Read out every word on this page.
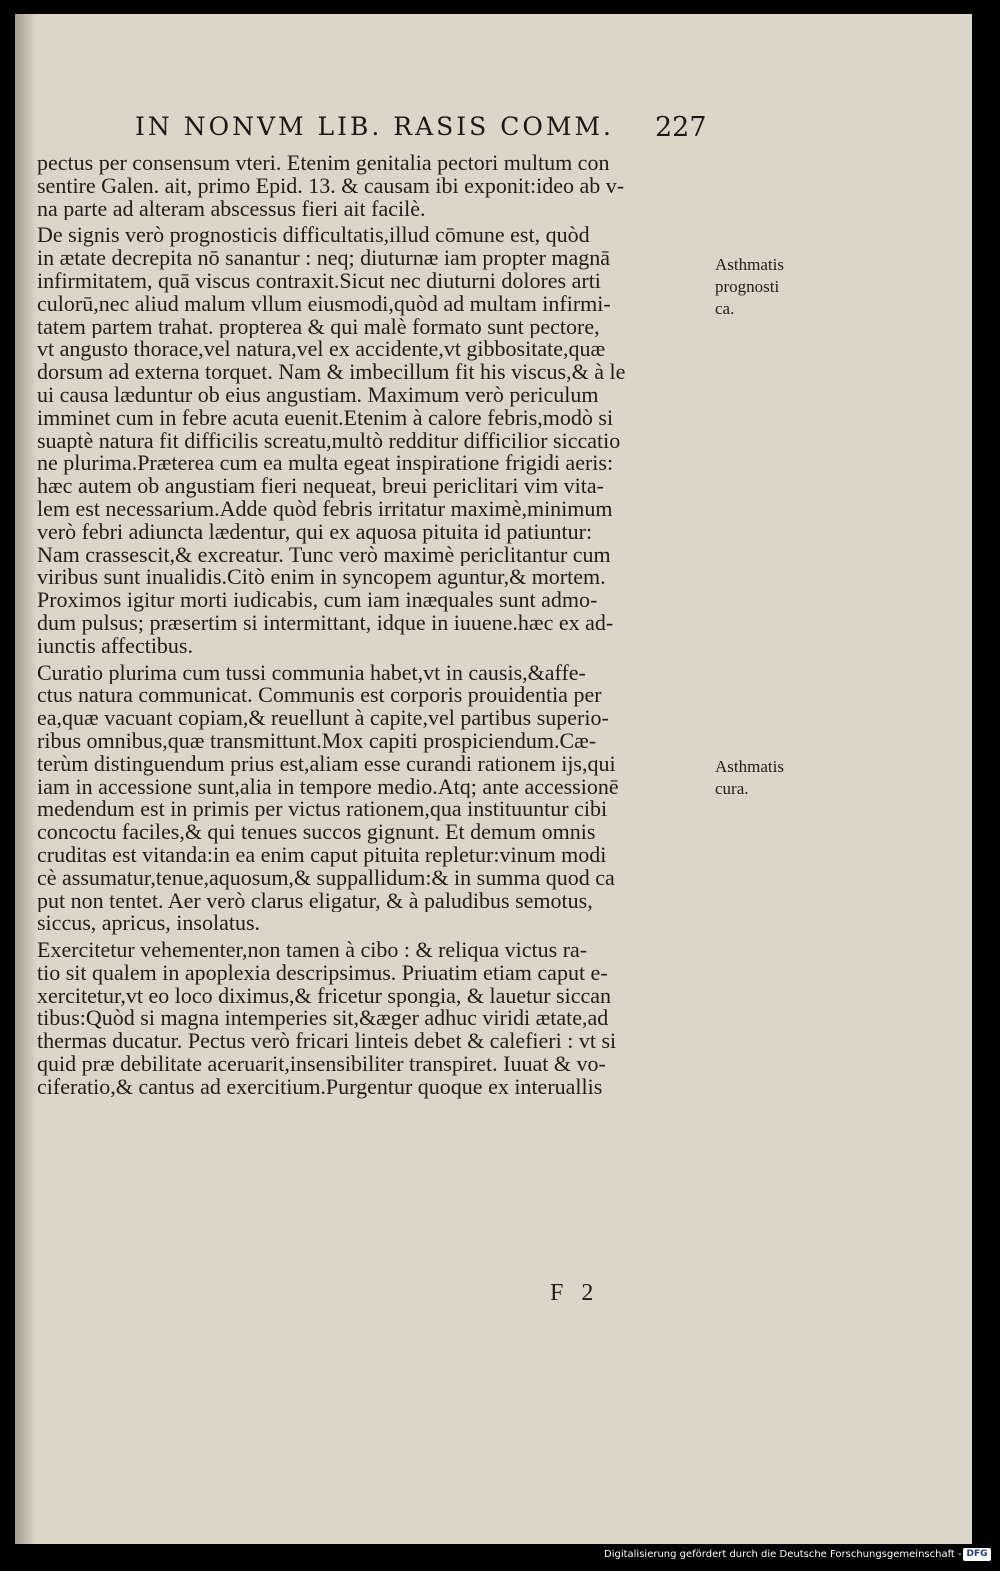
IN NONVM LIB. RASIS COMM.	227
pectus per consensum vteri. Etenim genitalia pectori multum con
sentire Galen. ait, primo Epid. 13. & causam ibi exponit:ideo ab v-
na parte ad alteram abscessus fieri ait facilè.
De signis verò prognosticis difficultatis,illud cōmune est, quòd
in ætate decrepita nō sanantur : neq; diuturnæ iam propter magnā
infirmitatem, quā viscus contraxit.Sicut nec diuturni dolores arti
culorū,nec aliud malum vllum eiusmodi,quòd ad multam infirmi-
tatem partem trahat. propterea & qui malè formato sunt pectore,
vt angusto thorace,vel natura,vel ex accidente,vt gibbositate,quæ
dorsum ad externa torquet. Nam & imbecillum fit his viscus,& à le
ui causa læduntur ob eius angustiam. Maximum verò periculum
imminet cum in febre acuta euenit.Etenim à calore febris,modò si
suaptè natura fit difficilis screatu,multò redditur difficilior siccatio
ne plurima.Præterea cum ea multa egeat inspiratione frigidi aeris:
hæc autem ob angustiam fieri nequeat, breui periclitari vim vita-
lem est necessarium.Adde quòd febris irritatur maximè,minimum
verò febri adiuncta lædentur, qui ex aquosa pituita id patiuntur:
Nam crassescit,& excreatur. Tunc verò maximè periclitantur cum
viribus sunt inualidis.Citò enim in syncopem aguntur,& mortem.
Proximos igitur morti iudicabis, cum iam inæquales sunt admo-
dum pulsus; præsertim si intermittant, idque in iuuene.hæc ex ad-
iunctis affectibus.
Curatio plurima cum tussi communia habet,vt in causis,&affe-
ctus natura communicat. Communis est corporis prouidentia per
ea,quæ vacuant copiam,& reuellunt à capite,vel partibus superio-
ribus omnibus,quæ transmittunt.Mox capiti prospiciendum.Cæ-
terùm distinguendum prius est,aliam esse curandi rationem ijs,qui
iam in accessione sunt,alia in tempore medio.Atq; ante accessionē
medendum est in primis per victus rationem,qua instituuntur cibi
concoctu faciles,& qui tenues succos gignunt. Et demum omnis
cruditas est vitanda:in ea enim caput pituita repletur:vinum modi
cè assumatur,tenue,aquosum,& suppallidum:& in summa quod ca
put non tentet. Aer verò clarus eligatur, & à paludibus semotus,
siccus, apricus, insolatus.
Exercitetur vehementer,non tamen à cibo : & reliqua victus ra-
tio sit qualem in apoplexia descripsimus. Priuatim etiam caput e-
xercitetur,vt eo loco diximus,& fricetur spongia, & lauetur siccan
tibus:Quòd si magna intemperies sit,&æger adhuc viridi ætate,ad
thermas ducatur. Pectus verò fricari linteis debet & calefieri : vt si
quid præ debilitate aceruarit,insensibiliter transpiret. Iuuat & vo-
ciferatio,& cantus ad exercitium.Purgentur quoque ex interuallis
Asthmatis
prognosti
ca.
Asthmatis
cura.
F 2
Digitalisierung gefördert durch die Deutsche Forschungsgemeinschaft - DFG
